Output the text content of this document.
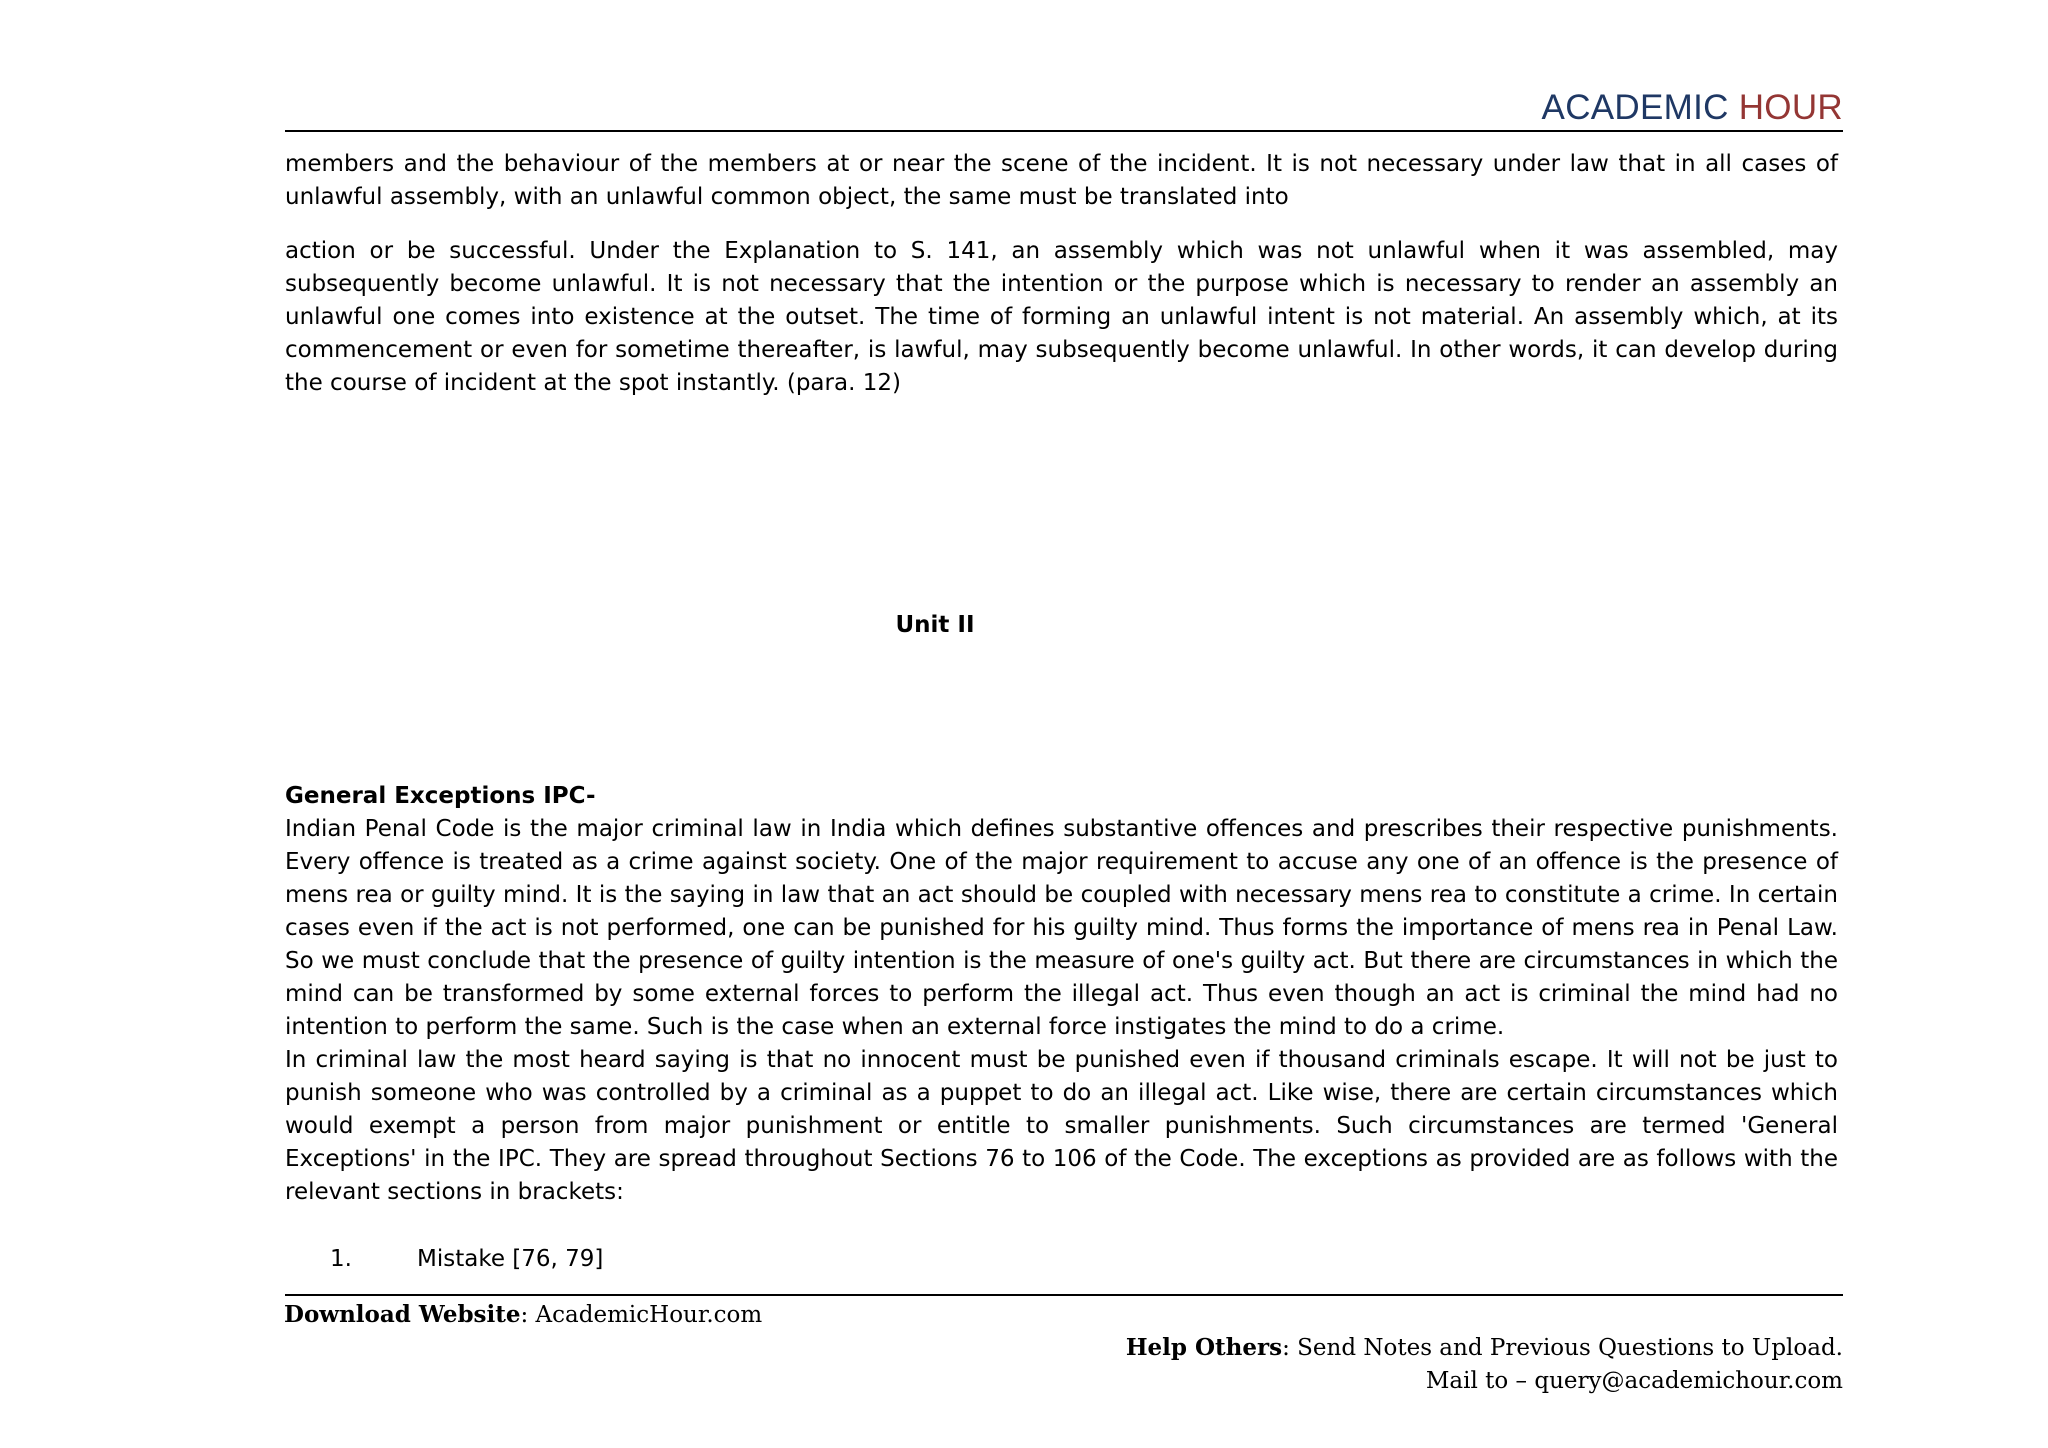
ACADEMIC HOUR

members and the behaviour of the members at or near the scene of the incident. It is not necessary under law that in all cases of unlawful assembly, with an unlawful common object, the same must be translated into

action or be successful. Under the Explanation to S. 141, an assembly which was not unlawful when it was assembled, may subsequently become unlawful. It is not necessary that the intention or the purpose which is necessary to render an assembly an unlawful one comes into existence at the outset. The time of forming an unlawful intent is not material. An assembly which, at its commencement or even for sometime thereafter, is lawful, may subsequently become unlawful. In other words, it can develop during the course of incident at the spot instantly. (para. 12)

Unit II

General Exceptions IPC-

Indian Penal Code is the major criminal law in India which defines substantive offences and prescribes their respective punishments. Every offence is treated as a crime against society. One of the major requirement to accuse any one of an offence is the presence of mens rea or guilty mind. It is the saying in law that an act should be coupled with necessary mens rea to constitute a crime. In certain cases even if the act is not performed, one can be punished for his guilty mind. Thus forms the importance of mens rea in Penal Law. So we must conclude that the presence of guilty intention is the measure of one's guilty act. But there are circumstances in which the mind can be transformed by some external forces to perform the illegal act. Thus even though an act is criminal the mind had no intention to perform the same. Such is the case when an external force instigates the mind to do a crime.

In criminal law the most heard saying is that no innocent must be punished even if thousand criminals escape. It will not be just to punish someone who was controlled by a criminal as a puppet to do an illegal act. Like wise, there are certain circumstances which would exempt a person from major punishment or entitle to smaller punishments. Such circumstances are termed 'General Exceptions' in the IPC. They are spread throughout Sections 76 to 106 of the Code. The exceptions as provided are as follows with the relevant sections in brackets:

1.	Mistake [76, 79]
Download Website: AcademicHour.com
Help Others: Send Notes and Previous Questions to Upload.
Mail to – query@academichour.com
